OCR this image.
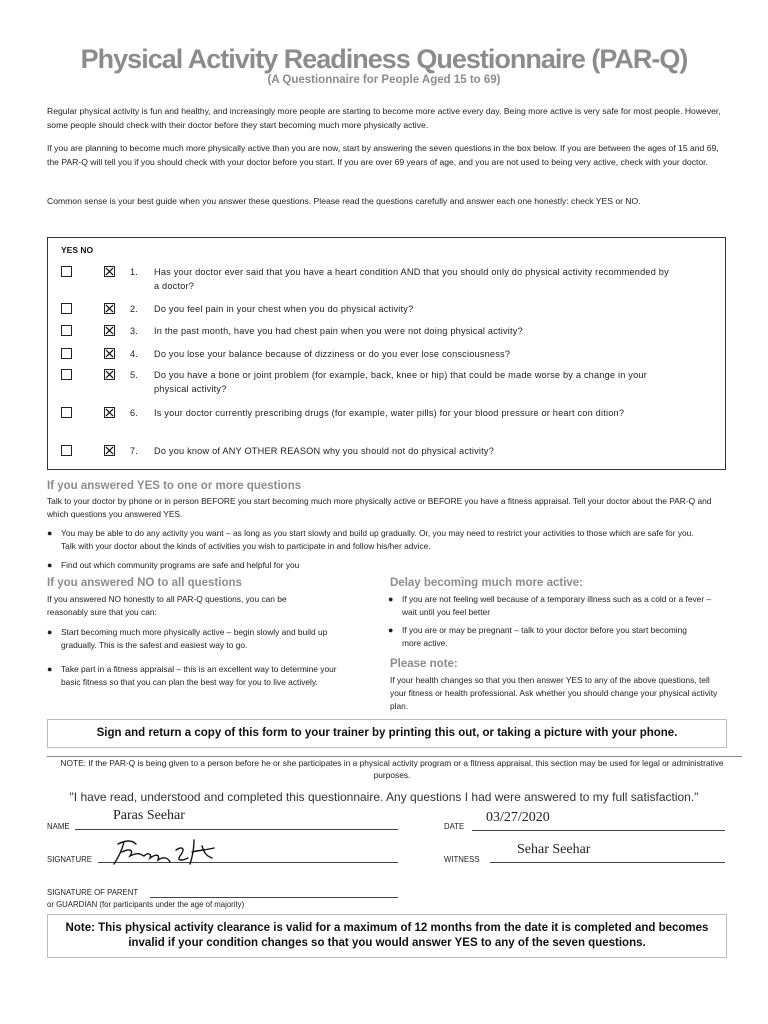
Physical Activity Readiness Questionnaire (PAR-Q)
(A Questionnaire for People Aged 15 to 69)
Regular physical activity is fun and healthy, and increasingly more people are starting to become more active every day. Being more active is very safe for most people. However, some people should check with their doctor before they start becoming much more physically active.
If you are planning to become much more physically active than you are now, start by answering the seven questions in the box below. If you are between the ages of 15 and 69, the PAR-Q will tell you if you should check with your doctor before you start. If you are over 69 years of age, and you are not used to being very active, check with your doctor.
Common sense is your best guide when you answer these questions. Please read the questions carefully and answer each one honestly: check YES or NO.
YES NO
1. Has your doctor ever said that you have a heart condition AND that you should only do physical activity recommended by a doctor?
2. Do you feel pain in your chest when you do physical activity?
3. In the past month, have you had chest pain when you were not doing physical activity?
4. Do you lose your balance because of dizziness or do you ever lose consciousness?
5. Do you have a bone or joint problem (for example, back, knee or hip) that could be made worse by a change in your physical activity?
6. Is your doctor currently prescribing drugs (for example, water pills) for your blood pressure or heart con dition?
7. Do you know of ANY OTHER REASON why you should not do physical activity?
If you answered YES to one or more questions
Talk to your doctor by phone or in person BEFORE you start becoming much more physically active or BEFORE you have a fitness appraisal. Tell your doctor about the PAR-Q and which questions you answered YES.
● You may be able to do any activity you want – as long as you start slowly and build up gradually. Or, you may need to restrict your activities to those which are safe for you. Talk with your doctor about the kinds of activities you wish to participate in and follow his/her advice.
● Find out which community programs are safe and helpful for you
If you answered NO to all questions
If you answered NO honestly to all PAR-Q questions, you can be reasonably sure that you can:
● Start becoming much more physically active – begin slowly and build up gradually. This is the safest and easiest way to go.
● Take part in a fitness appraisal – this is an excellent way to determine your basic fitness so that you can plan the best way for you to live actively.
Delay becoming much more active:
● If you are not feeling well because of a temporary illness such as a cold or a fever – wait until you feel better
● If you are or may be pregnant – talk to your doctor before you start becoming more active.
Please note:
If your health changes so that you then answer YES to any of the above questions, tell your fitness or health professional. Ask whether you should change your physical activity plan.
Sign and return a copy of this form to your trainer by printing this out, or taking a picture with your phone.
NOTE: If the PAR-Q is being given to a person before he or she participates in a physical activity program or a fitness appraisal, this section may be used for legal or administrative purposes.
"I have read, understood and completed this questionnaire. Any questions I had were answered to my full satisfaction."
NAME
Paras Seehar
DATE
03/27/2020
SIGNATURE	WITNESS
Sehar Seehar
SIGNATURE OF PARENT
or GUARDIAN (for participants under the age of majority)
Note: This physical activity clearance is valid for a maximum of 12 months from the date it is completed and becomes invalid if your condition changes so that you would answer YES to any of the seven questions.
